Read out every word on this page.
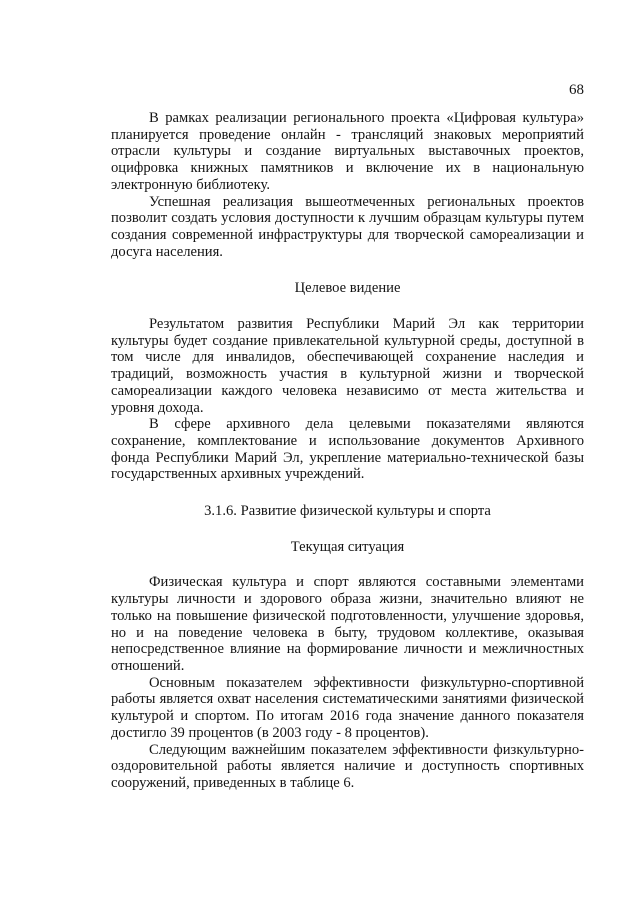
68

В рамках реализации регионального проекта «Цифровая культура» планируется проведение онлайн - трансляций знаковых мероприятий отрасли культуры и создание виртуальных выставочных проектов, оцифровка книжных памятников и включение их в национальную электронную библиотеку.

Успешная реализация вышеотмеченных региональных проектов позволит создать условия доступности к лучшим образцам культуры путем создания современной инфраструктуры для творческой самореализации и досуга населения.

Целевое видение

Результатом развития Республики Марий Эл как территории культуры будет создание привлекательной культурной среды, доступной в том числе для инвалидов, обеспечивающей сохранение наследия и традиций, возможность участия в культурной жизни и творческой самореализации каждого человека независимо от места жительства и уровня дохода.

В сфере архивного дела целевыми показателями являются сохранение, комплектование и использование документов Архивного фонда Республики Марий Эл, укрепление материально-технической базы государственных архивных учреждений.

3.1.6. Развитие физической культуры и спорта

Текущая ситуация

Физическая культура и спорт являются составными элементами культуры личности и здорового образа жизни, значительно влияют не только на повышение физической подготовленности, улучшение здоровья, но и на поведение человека в быту, трудовом коллективе, оказывая непосредственное влияние на формирование личности и межличностных отношений.

Основным показателем эффективности физкультурно-спортивной работы является охват населения систематическими занятиями физической культурой и спортом. По итогам 2016 года значение данного показателя достигло 39 процентов (в 2003 году - 8 процентов).

Следующим важнейшим показателем эффективности физкультурно-оздоровительной работы является наличие и доступность спортивных сооружений, приведенных в таблице 6.
